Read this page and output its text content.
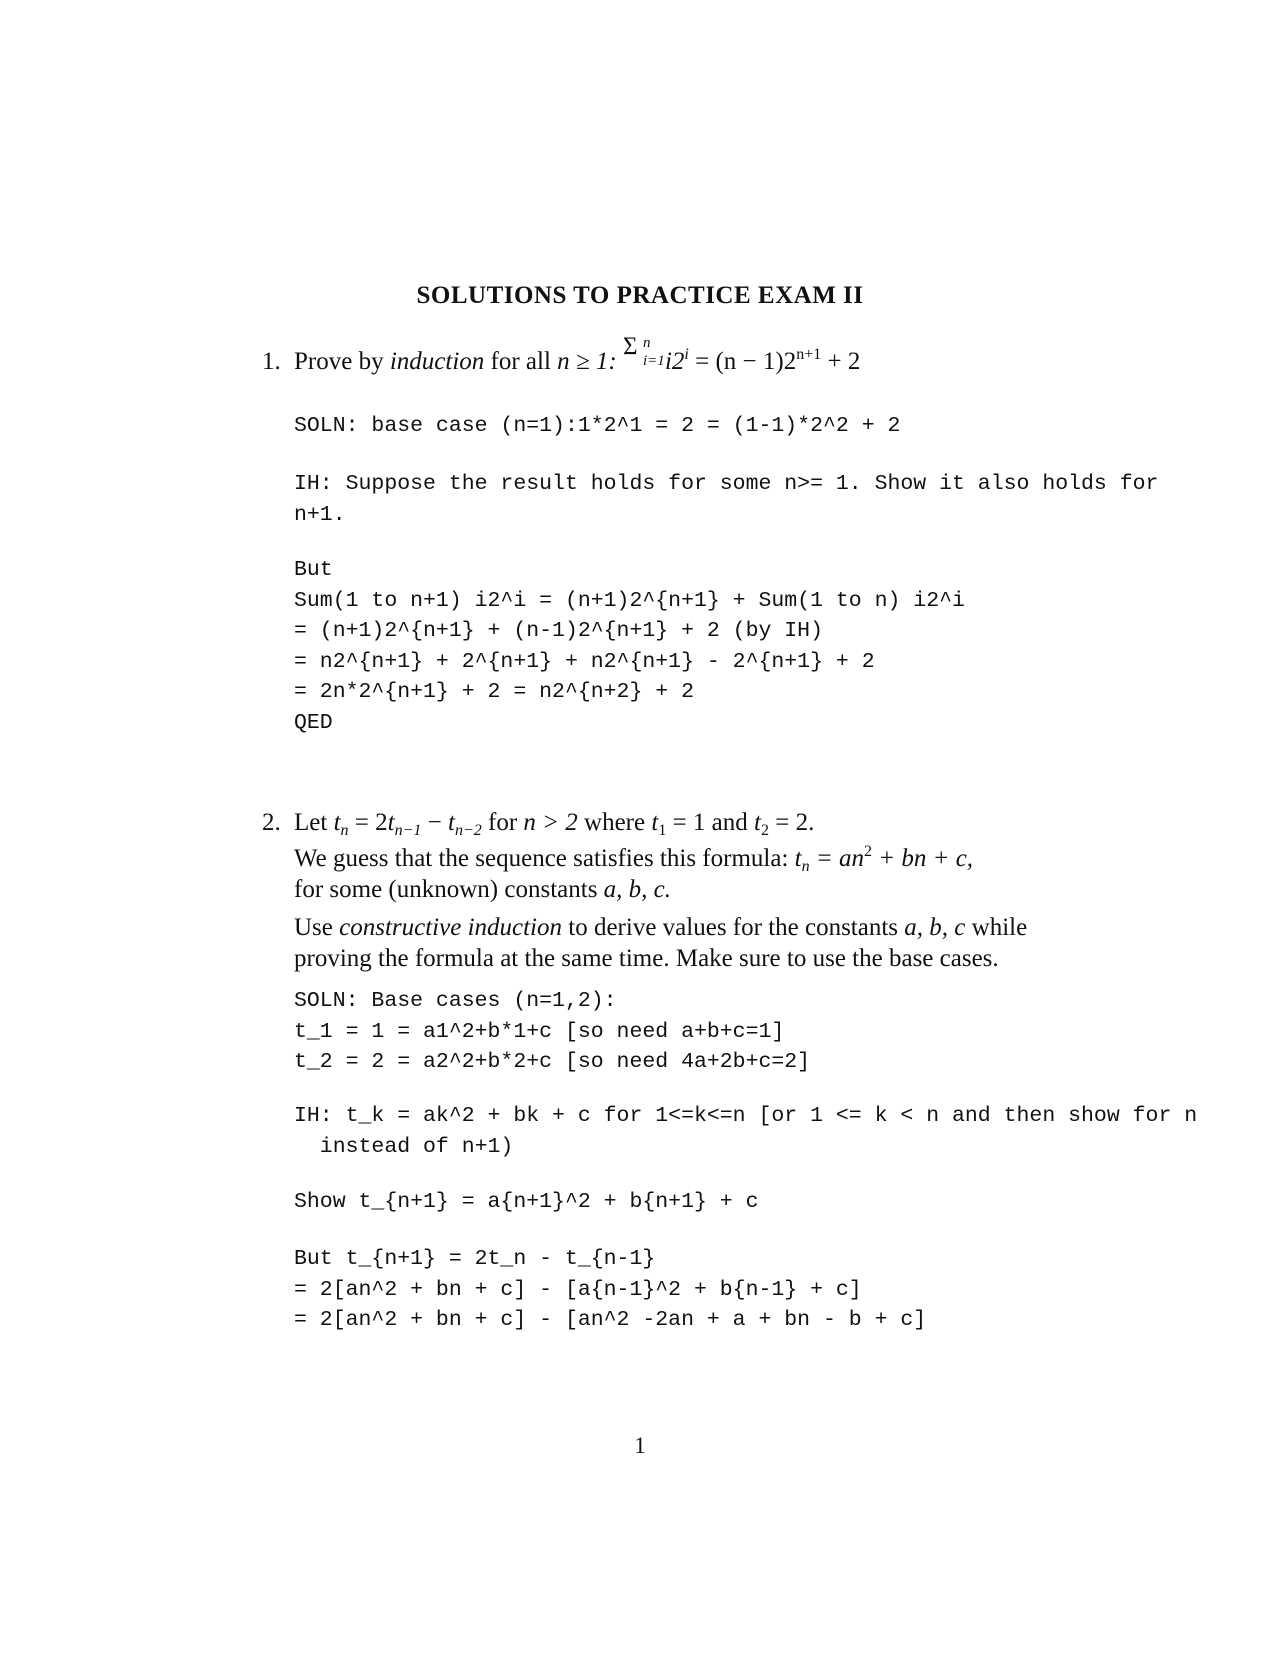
SOLUTIONS TO PRACTICE EXAM II
1. Prove by induction for all n ≥ 1:
Σ n
i=1 $i2^i = (n - 1)2^{n+1} + 2$
SOLN: base case (n=1):1*2^1 = 2 = (1-1)*2^2 + 2
IH: Suppose the result holds for some n>= 1. Show it also holds for
n+1.
But
Sum(1 to n+1) i2^i = (n+1)2^{n+1} + Sum(1 to n) i2^i
= (n+1)2^{n+1} + (n-1)2^{n+1} + 2 (by IH)
= n2^{n+1} + 2^{n+1} + n2^{n+1} - 2^{n+1} + 2
= 2n*2^{n+1} + 2 = n2^{n+2} + 2
QED
2. Let $t_n = 2t_{n-1} - t_{n-2}$ for n > 2 where $t_1 = 1$ and $t_2 = 2$.
We guess that the sequence satisfies this formula: $t_n = an^2$ + bn + c,
for some (unknown) constants a, b, c.
Use constructive induction to derive values for the constants a, b, c while
proving the formula at the same time. Make sure to use the base cases.
SOLN: Base cases (n=1,2):
t_1 = 1 = a1^2+b*1+c [so need a+b+c=1]
t_2 = 2 = a2^2+b*2+c [so need 4a+2b+c=2]
IH: t_k = ak^2 + bk + c for 1<=k<=n [or 1 <= k < n and then show for n
instead of n+1)
Show t_{n+1} = a{n+1}^2 + b{n+1} + c
But t_{n+1} = 2t_n - t_{n-1}
= 2[an^2 + bn + c] - [a{n-1}^2 + b{n-1} + c]
= 2[an^2 + bn + c] - [an^2 -2an + a + bn - b + c]
1
